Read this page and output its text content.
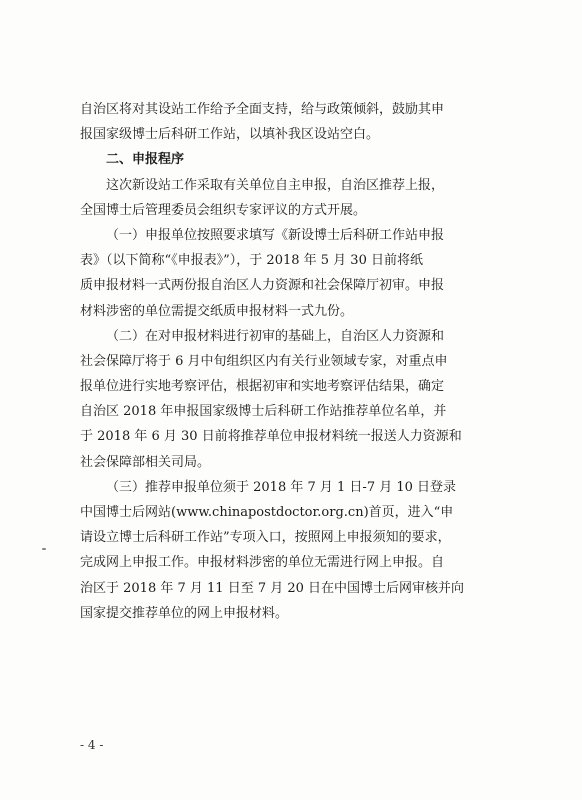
自治区将对其设站工作给予全面支持，给与政策倾斜，鼓励其申
报国家级博士后科研工作站，以填补我区设站空白。
二、申报程序
这次新设站工作采取有关单位自主申报，自治区推荐上报，
全国博士后管理委员会组织专家评议的方式开展。
（一）申报单位按照要求填写《新设博士后科研工作站申报
表》（以下简称“《申报表》”），于 2018 年 5 月 30 日前将纸
质申报材料一式两份报自治区人力资源和社会保障厅初审。申报
材料涉密的单位需提交纸质申报材料一式九份。
（二）在对申报材料进行初审的基础上，自治区人力资源和
社会保障厅将于 6 月中旬组织区内有关行业领域专家，对重点申
报单位进行实地考察评估，根据初审和实地考察评估结果，确定
自治区 2018 年申报国家级博士后科研工作站推荐单位名单，并
于 2018 年 6 月 30 日前将推荐单位申报材料统一报送人力资源和
社会保障部相关司局。
（三）推荐申报单位须于 2018 年 7 月 1 日-7 月 10 日登录
中国博士后网站(www.chinapostdoctor.org.cn)首页，进入“申
请设立博士后科研工作站”专项入口，按照网上申报须知的要求，
完成网上申报工作。申报材料涉密的单位无需进行网上申报。自
治区于 2018 年 7 月 11 日至 7 月 20 日在中国博士后网审核并向
国家提交推荐单位的网上申报材料。
- 4 -
